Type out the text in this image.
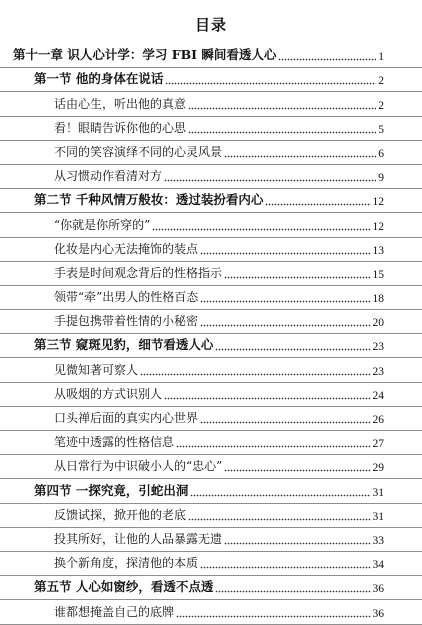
目录
第十一章 识人心计学：学习 FBI 瞬间看透人心	1
第一节 他的身体在说话	2
话由心生，听出他的真意	2
看！眼睛告诉你他的心思	5
不同的笑容演绎不同的心灵风景	6
从习惯动作看清对方	9
第二节 千种风情万般妆：透过装扮看内心	12
“你就是你所穿的”	12
化妆是内心无法掩饰的装点	13
手表是时间观念背后的性格指示	15
领带“牵”出男人的性格百态	18
手提包携带着性情的小秘密	20
第三节 窥斑见豹，细节看透人心	23
见微知著可察人	23
从吸烟的方式识别人	24
口头禅后面的真实内心世界	26
笔迹中透露的性格信息	27
从日常行为中识破小人的“忠心”	29
第四节 一探究竟，引蛇出洞	31
反馈试探，掀开他的老底	31
投其所好，让他的人品暴露无遗	33
换个新角度，探清他的本质	34
第五节 人心如窗纱，看透不点透	36
谁都想掩盖自己的底牌	36
